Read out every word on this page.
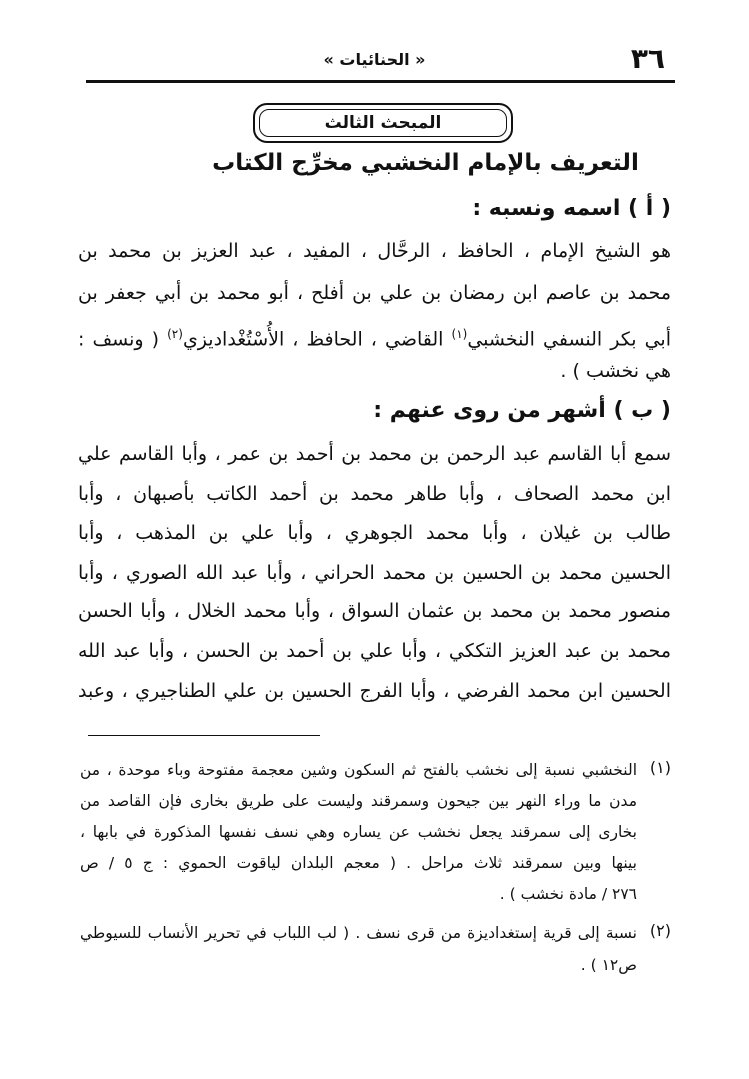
٣٦
« الحنائيات »
المبحث الثالث
التعريف بالإمام النخشبي مخرِّج الكتاب
( أ ) اسمه ونسبه :
هو الشيخ الإمام ، الحافظ ، الرحَّال ، المفيد ، عبد العزيز بن محمد بن
محمد بن عاصم ابن رمضان بن علي بن أفلح ، أبو محمد بن أبي جعفر بن
أبي بكر النسفي النخشبي$^{(١)}$ القاضي ، الحافظ ، الأُسْتُغْداديزي$^{(٢)}$ ( ونسف :
هي نخشب ) .
( ب ) أشهر من روى عنهم :
سمع أبا القاسم عبد الرحمن بن محمد بن أحمد بن عمر ، وأبا القاسم علي
ابن محمد الصحاف ، وأبا طاهر محمد بن أحمد الكاتب بأصبهان ، وأبا
طالب بن غيلان ، وأبا محمد الجوهري ، وأبا علي بن المذهب ، وأبا
الحسين محمد بن الحسين بن محمد الحراني ، وأبا عبد الله الصوري ، وأبا
منصور محمد بن محمد بن عثمان السواق ، وأبا محمد الخلال ، وأبا الحسن
محمد بن عبد العزيز التككي ، وأبا علي بن أحمد بن الحسن ، وأبا عبد الله
الحسين ابن محمد الفرضي ، وأبا الفرج الحسين بن علي الطناجيري ، وعبد
(١)
النخشبي نسبة إلى نخشب بالفتح ثم السكون وشين معجمة مفتوحة وباء موحدة ، من
مدن ما وراء النهر بين جيحون وسمرقند وليست على طريق بخارى فإن القاصد من
بخارى إلى سمرقند يجعل نخشب عن يساره وهي نسف نفسها المذكورة في بابها ،
بينها وبين سمرقند ثلاث مراحل . ( معجم البلدان لياقوت الحموي : ج ٥ / ص
٢٧٦ / مادة نخشب ) .
(٢)
نسبة إلى قرية إستغداديزة من قرى نسف . ( لب اللباب في تحرير الأنساب للسيوطي
ص١٢ ) .
